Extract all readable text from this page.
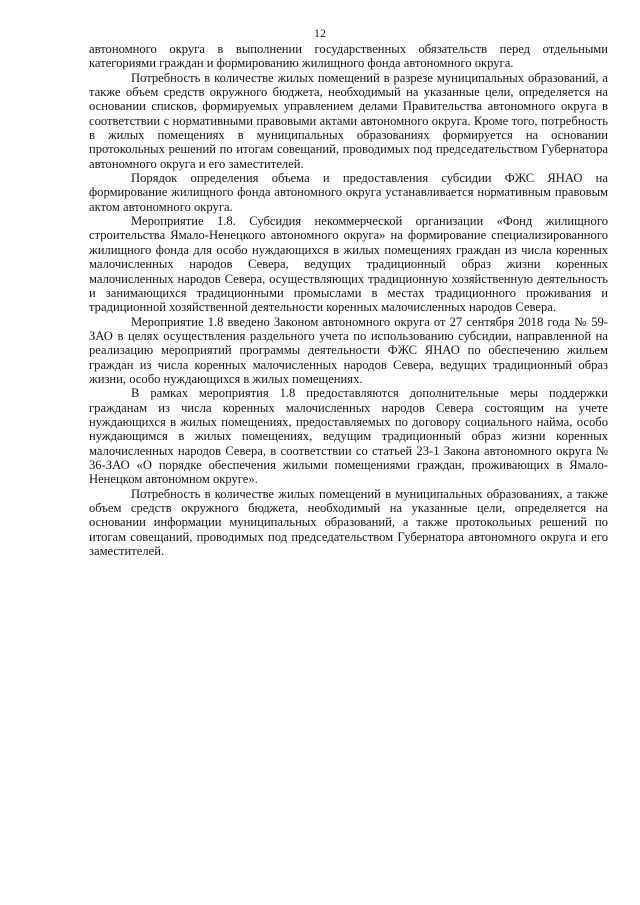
12

автономного округа в выполнении государственных обязательств перед отдельными категориями граждан и формированию жилищного фонда автономного округа.

Потребность в количестве жилых помещений в разрезе муниципальных образований, а также объем средств окружного бюджета, необходимый на указанные цели, определяется на основании списков, формируемых управлением делами Правительства автономного округа в соответствии с нормативными правовыми актами автономного округа. Кроме того, потребность в жилых помещениях в муниципальных образованиях формируется на основании протокольных решений по итогам совещаний, проводимых под председательством Губернатора автономного округа и его заместителей.

Порядок определения объема и предоставления субсидии ФЖС ЯНАО на формирование жилищного фонда автономного округа устанавливается нормативным правовым актом автономного округа.

Мероприятие 1.8. Субсидия некоммерческой организации «Фонд жилищного строительства Ямало-Ненецкого автономного округа» на формирование специализированного жилищного фонда для особо нуждающихся в жилых помещениях граждан из числа коренных малочисленных народов Севера, ведущих традиционный образ жизни коренных малочисленных народов Севера, осуществляющих традиционную хозяйственную деятельность и занимающихся традиционными промыслами в местах традиционного проживания и традиционной хозяйственной деятельности коренных малочисленных народов Севера.

Мероприятие 1.8 введено Законом автономного округа от 27 сентября 2018 года № 59-ЗАО в целях осуществления раздельного учета по использованию субсидии, направленной на реализацию мероприятий программы деятельности ФЖС ЯНАО по обеспечению жильем граждан из числа коренных малочисленных народов Севера, ведущих традиционный образ жизни, особо нуждающихся в жилых помещениях.

В рамках мероприятия 1.8 предоставляются дополнительные меры поддержки гражданам из числа коренных малочисленных народов Севера состоящим на учете нуждающихся в жилых помещениях, предоставляемых по договору социального найма, особо нуждающимся в жилых помещениях, ведущим традиционный образ жизни коренных малочисленных народов Севера, в соответствии со статьей 23-1 Закона автономного округа № 36-ЗАО «О порядке обеспечения жилыми помещениями граждан, проживающих в Ямало-Ненецком автономном округе».

Потребность в количестве жилых помещений в муниципальных образованиях, а также объем средств окружного бюджета, необходимый на указанные цели, определяется на основании информации муниципальных образований, а также протокольных решений по итогам совещаний, проводимых под председательством Губернатора автономного округа и его заместителей.
